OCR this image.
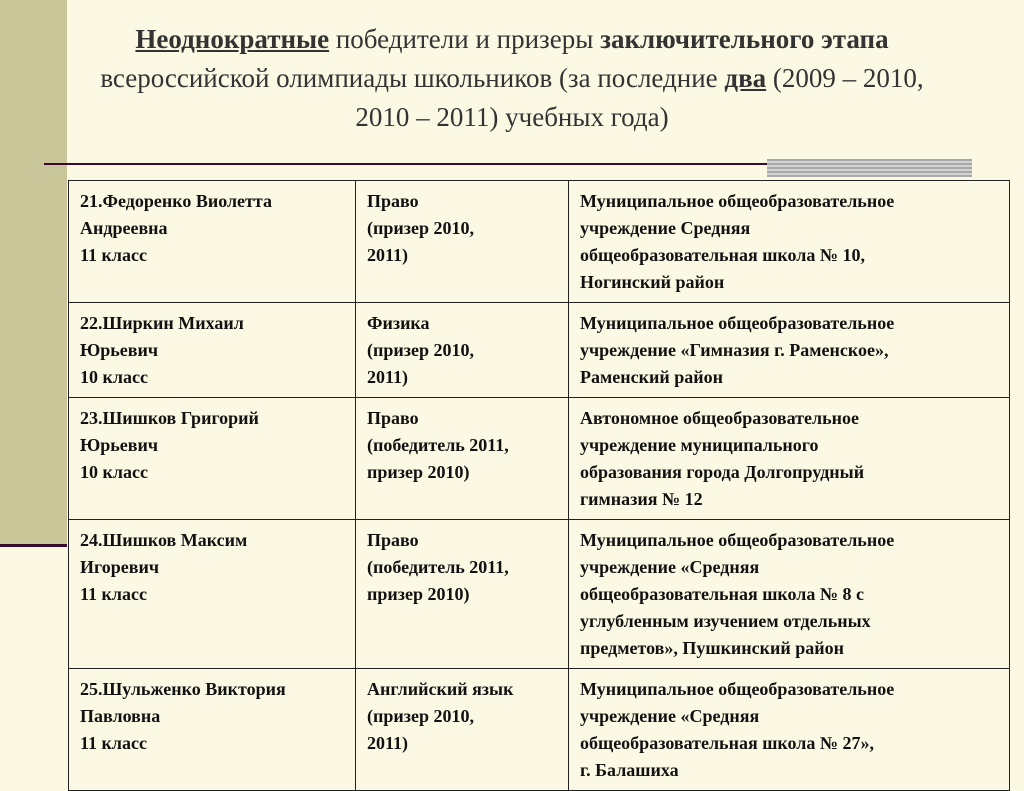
Неоднократные победители и призеры заключительного этапа всероссийской олимпиады школьников (за последние два (2009 – 2010, 2010 – 2011) учебных года)
21.Федоренко Виолетта
Андреевна
11 класс	Право
(призер 2010,
2011)	Муниципальное общеобразовательное
учреждение Средняя
общеобразовательная школа № 10,
Ногинский район

22.Ширкин Михаил
Юрьевич
10 класс	Физика
(призер 2010,
2011)	Муниципальное общеобразовательное
учреждение «Гимназия г. Раменское»,
Раменский район

23.Шишков Григорий
Юрьевич
10 класс	Право
(победитель 2011,
призер 2010)	Автономное общеобразовательное
учреждение муниципального
образования города Долгопрудный
гимназия № 12

24.Шишков Максим
Игоревич
11 класс	Право
(победитель 2011,
призер 2010)	Муниципальное общеобразовательное
учреждение «Средняя
общеобразовательная школа № 8 с
углубленным изучением отдельных
предметов», Пушкинский район

25.Шульженко Виктория
Павловна
11 класс	Английский язык
(призер 2010,
2011)	Муниципальное общеобразовательное
учреждение «Средняя
общеобразовательная школа № 27»,
г. Балашиха
